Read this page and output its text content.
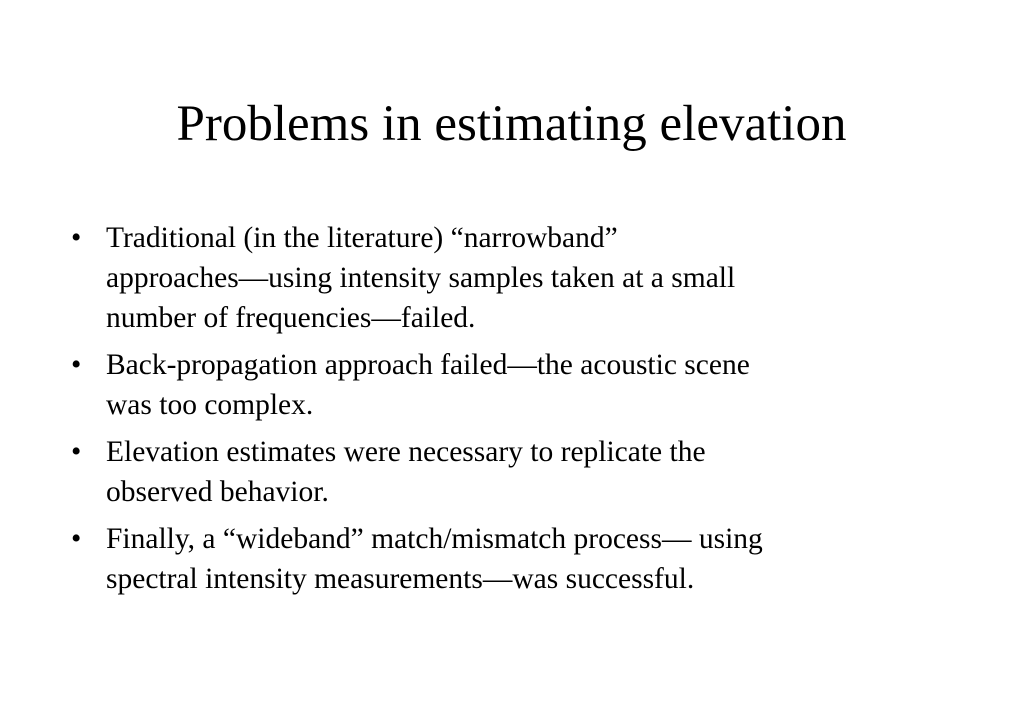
Problems in estimating elevation
• Traditional (in the literature) “narrowband”
approaches—using intensity samples taken at a small
number of frequencies—failed.
• Back-propagation approach failed—the acoustic scene
was too complex.
• Elevation estimates were necessary to replicate the
observed behavior.
• Finally, a “wideband” match/mismatch process— using
spectral intensity measurements—was successful.
